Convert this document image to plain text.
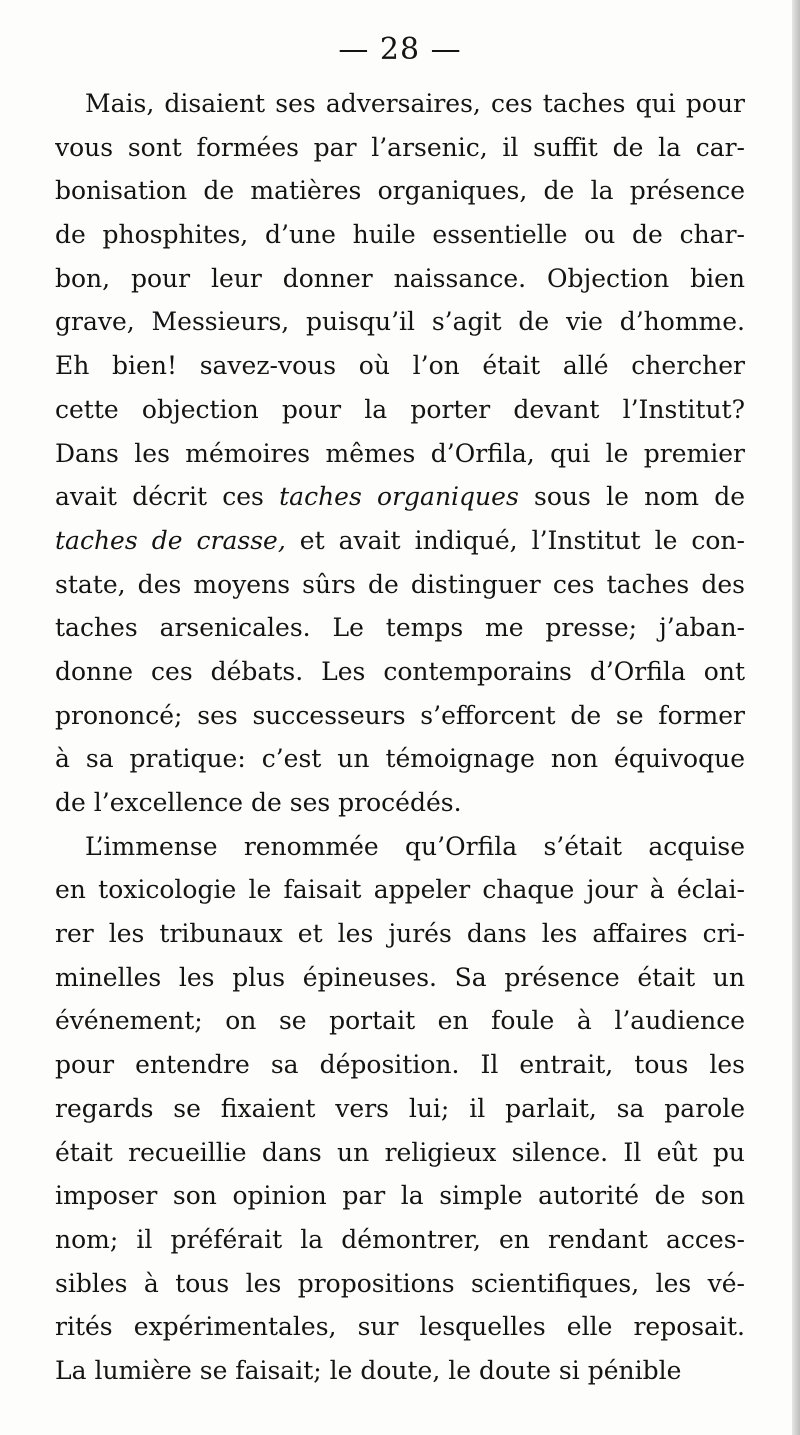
— 28 —
Mais, disaient ses adversaires, ces taches qui pour
vous sont formées par l’arsenic, il suffit de la car-
bonisation de matières organiques, de la présence
de phosphites, d’une huile essentielle ou de char-
bon, pour leur donner naissance. Objection bien
grave, Messieurs, puisqu’il s’agit de vie d’homme.
Eh bien! savez-vous où l’on était allé chercher
cette objection pour la porter devant l’Institut?
Dans les mémoires mêmes d’Orfila, qui le premier
avait décrit ces taches organiques sous le nom de
taches de crasse, et avait indiqué, l’Institut le con-
state, des moyens sûrs de distinguer ces taches des
taches arsenicales. Le temps me presse; j’aban-
donne ces débats. Les contemporains d’Orfila ont
prononcé; ses successeurs s’efforcent de se former
à sa pratique: c’est un témoignage non équivoque
de l’excellence de ses procédés.
L’immense renommée qu’Orfila s’était acquise
en toxicologie le faisait appeler chaque jour à éclai-
rer les tribunaux et les jurés dans les affaires cri-
minelles les plus épineuses. Sa présence était un
événement; on se portait en foule à l’audience
pour entendre sa déposition. Il entrait, tous les
regards se fixaient vers lui; il parlait, sa parole
était recueillie dans un religieux silence. Il eût pu
imposer son opinion par la simple autorité de son
nom; il préférait la démontrer, en rendant acces-
sibles à tous les propositions scientifiques, les vé-
rités expérimentales, sur lesquelles elle reposait.
La lumière se faisait; le doute, le doute si pénible
